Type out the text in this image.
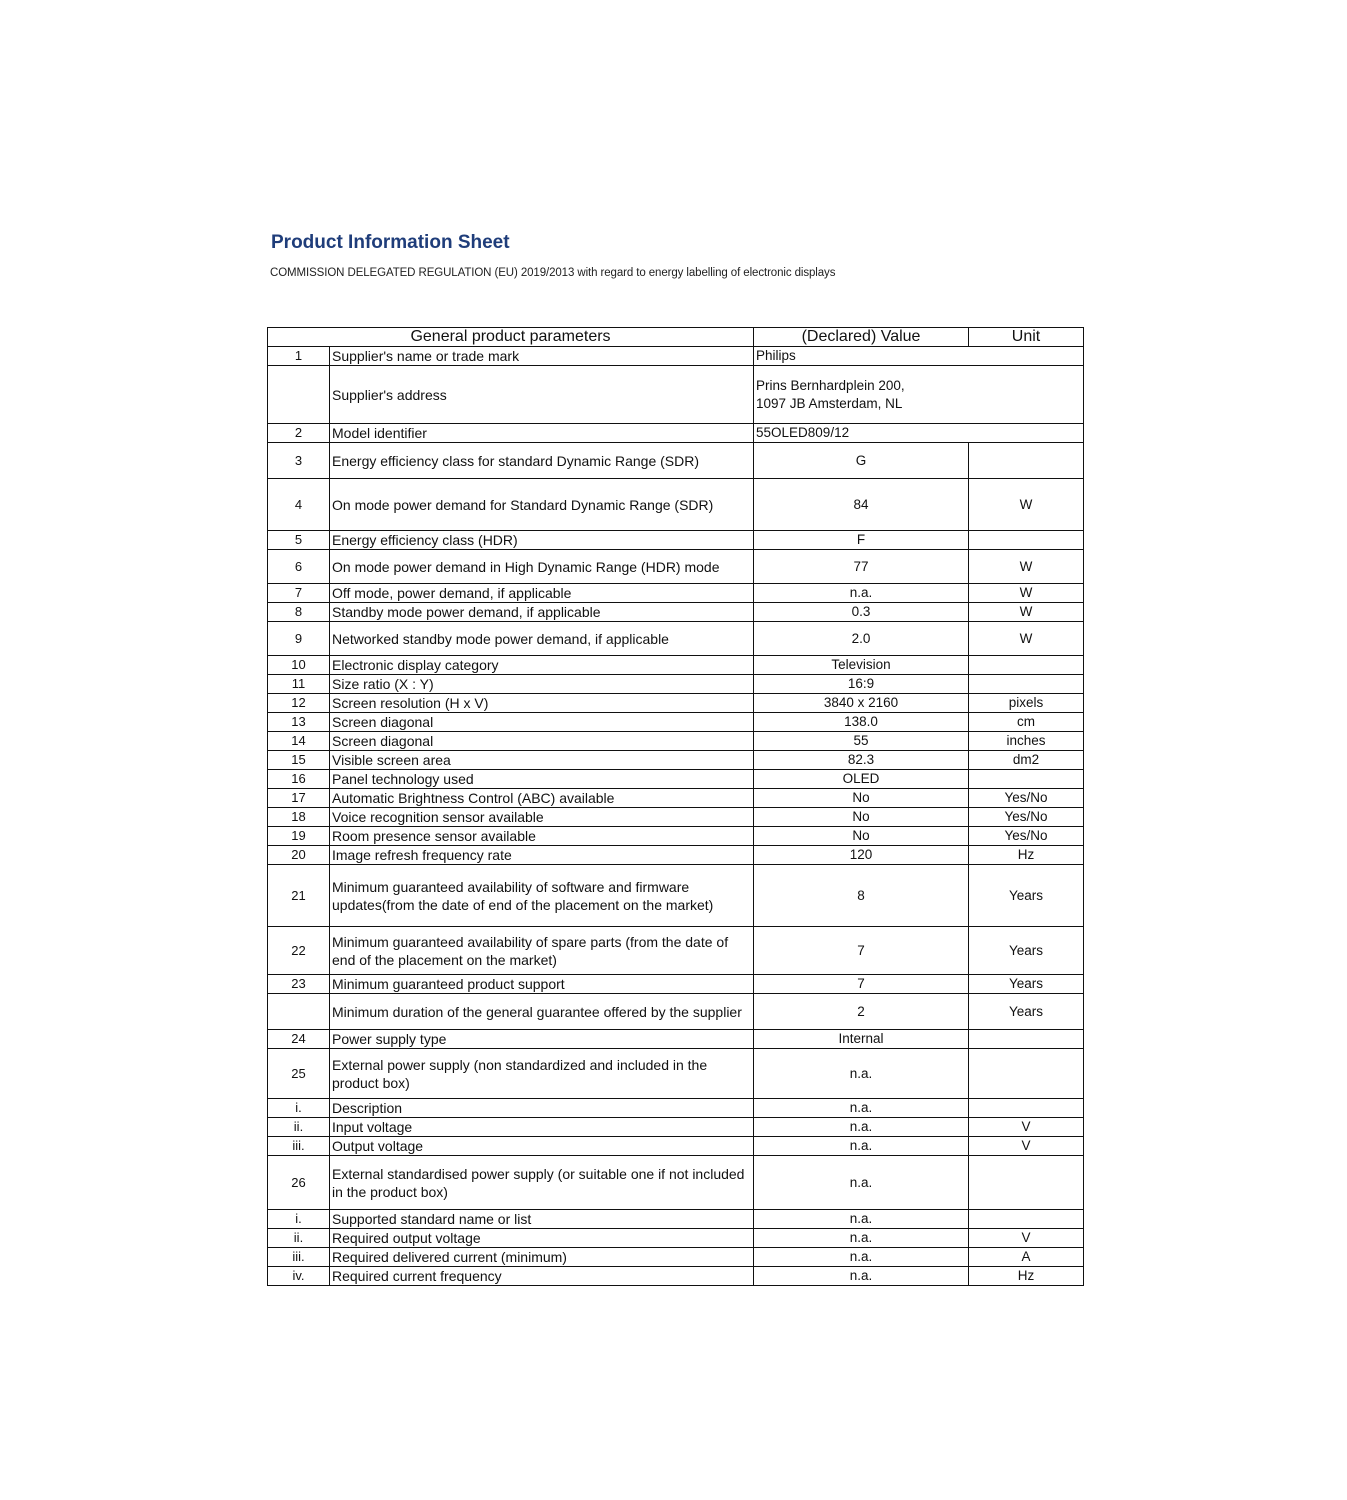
Product Information Sheet
COMMISSION DELEGATED REGULATION (EU) 2019/2013 with regard to energy labelling of electronic displays
General product parameters		(Declared) Value	Unit
1	Supplier's name or trade mark	Philips	
	Supplier's address	Prins Bernhardplein 200,
1097 JB Amsterdam, NL	
2	Model identifier	55OLED809/12	
3	Energy efficiency class for standard Dynamic Range (SDR)	G	
4	On mode power demand for Standard Dynamic Range (SDR)	84	W
5	Energy efficiency class (HDR)	F	
6	On mode power demand in High Dynamic Range (HDR) mode	77	W
7	Off mode, power demand, if applicable	n.a.	W
8	Standby mode power demand, if applicable	0.3	W
9	Networked standby mode power demand, if applicable	2.0	W
10	Electronic display category	Television	
11	Size ratio (X : Y)	16:9	
12	Screen resolution (H x V)	3840 x 2160	pixels
13	Screen diagonal	138.0	cm
14	Screen diagonal	55	inches
15	Visible screen area	82.3	dm2
16	Panel technology used	OLED	
17	Automatic Brightness Control (ABC) available	No	Yes/No
18	Voice recognition sensor available	No	Yes/No
19	Room presence sensor available	No	Yes/No
20	Image refresh frequency rate	120	Hz
21	Minimum guaranteed availability of software and firmware updates(from the date of end of the placement on the market)	8	Years
22	Minimum guaranteed availability of spare parts (from the date of end of the placement on the market)	7	Years
23	Minimum guaranteed product support	7	Years
	Minimum duration of the general guarantee offered by the supplier	2	Years
24	Power supply type	Internal	
25	External power supply (non standardized and included in the product box)	n.a.	
i.	Description	n.a.	
ii.	Input voltage	n.a.	V
iii.	Output voltage	n.a.	V
26	External standardised power supply (or suitable one if not included in the product box)	n.a.	
i.	Supported standard name or list	n.a.	
ii.	Required output voltage	n.a.	V
iii.	Required delivered current (minimum)	n.a.	A
iv.	Required current frequency	n.a.	Hz
